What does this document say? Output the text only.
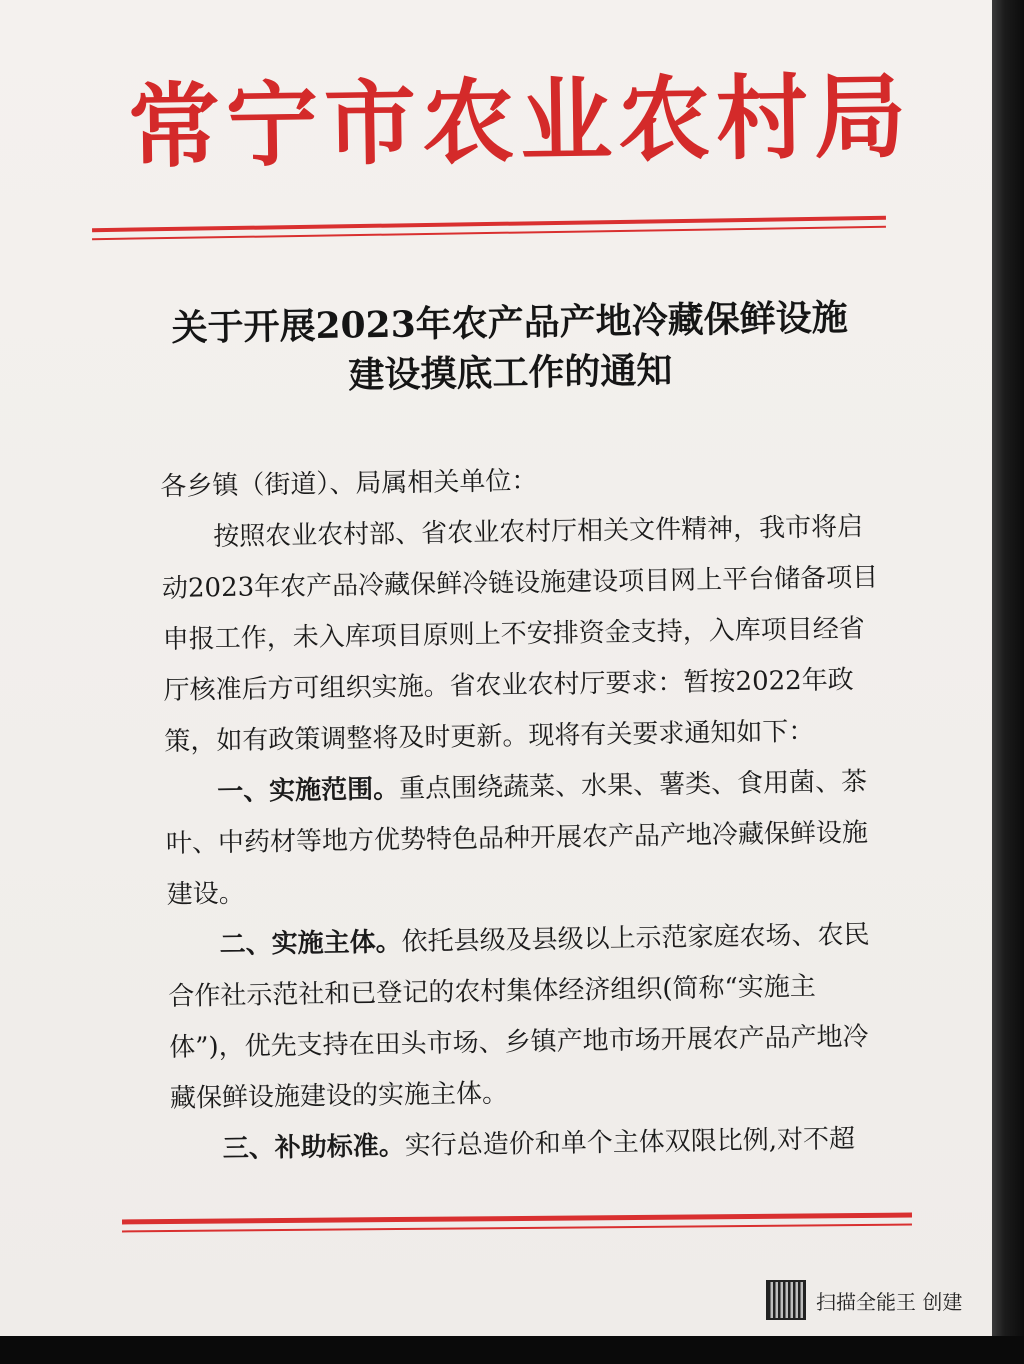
常宁市农业农村局
关于开展2023年农产品产地冷藏保鲜设施
建设摸底工作的通知

各乡镇（街道）、局属相关单位：

按照农业农村部、省农业农村厅相关文件精神，我市将启动2023年农产品冷藏保鲜冷链设施建设项目网上平台储备项目申报工作，未入库项目原则上不安排资金支持，入库项目经省厅核准后方可组织实施。省农业农村厅要求：暂按2022年政策，如有政策调整将及时更新。现将有关要求通知如下：

一、实施范围。重点围绕蔬菜、水果、薯类、食用菌、茶叶、中药材等地方优势特色品种开展农产品产地冷藏保鲜设施建设。

二、实施主体。依托县级及县级以上示范家庭农场、农民合作社示范社和已登记的农村集体经济组织(简称“实施主体”)，优先支持在田头市场、乡镇产地市场开展农产品产地冷藏保鲜设施建设的实施主体。

三、补助标准。实行总造价和单个主体双限比例,对不超

扫描全能王 创建
